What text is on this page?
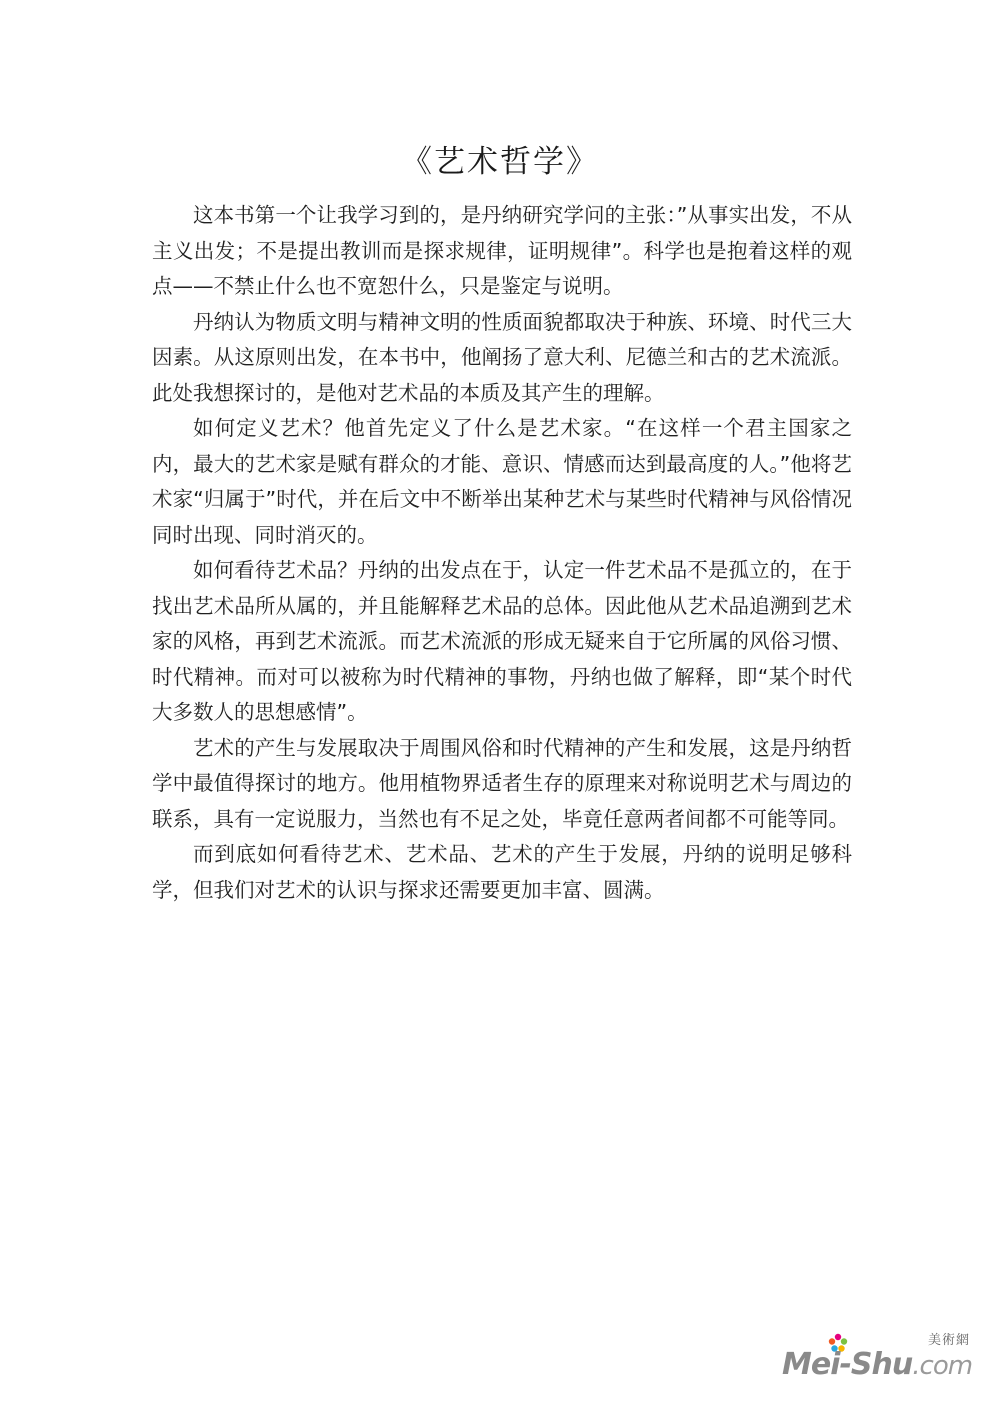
《艺术哲学》

这本书第一个让我学习到的，是丹纳研究学问的主张：”从事实出发，不从主义出发；不是提出教训而是探求规律，证明规律”。科学也是抱着这样的观点——不禁止什么也不宽恕什么，只是鉴定与说明。

丹纳认为物质文明与精神文明的性质面貌都取决于种族、环境、时代三大因素。从这原则出发，在本书中，他阐扬了意大利、尼德兰和古的艺术流派。此处我想探讨的，是他对艺术品的本质及其产生的理解。

如何定义艺术？他首先定义了什么是艺术家。“在这样一个君主国家之内，最大的艺术家是赋有群众的才能、意识、情感而达到最高度的人。”他将艺术家“归属于”时代，并在后文中不断举出某种艺术与某些时代精神与风俗情况同时出现、同时消灭的。

如何看待艺术品？丹纳的出发点在于，认定一件艺术品不是孤立的，在于找出艺术品所从属的，并且能解释艺术品的总体。因此他从艺术品追溯到艺术家的风格，再到艺术流派。而艺术流派的形成无疑来自于它所属的风俗习惯、时代精神。而对可以被称为时代精神的事物，丹纳也做了解释，即“某个时代大多数人的思想感情”。

艺术的产生与发展取决于周围风俗和时代精神的产生和发展，这是丹纳哲学中最值得探讨的地方。他用植物界适者生存的原理来对称说明艺术与周边的联系，具有一定说服力，当然也有不足之处，毕竟任意两者间都不可能等同。

而到底如何看待艺术、艺术品、艺术的产生于发展，丹纳的说明足够科学，但我们对艺术的认识与探求还需要更加丰富、圆满。

美術網
Mei-Shu.com
